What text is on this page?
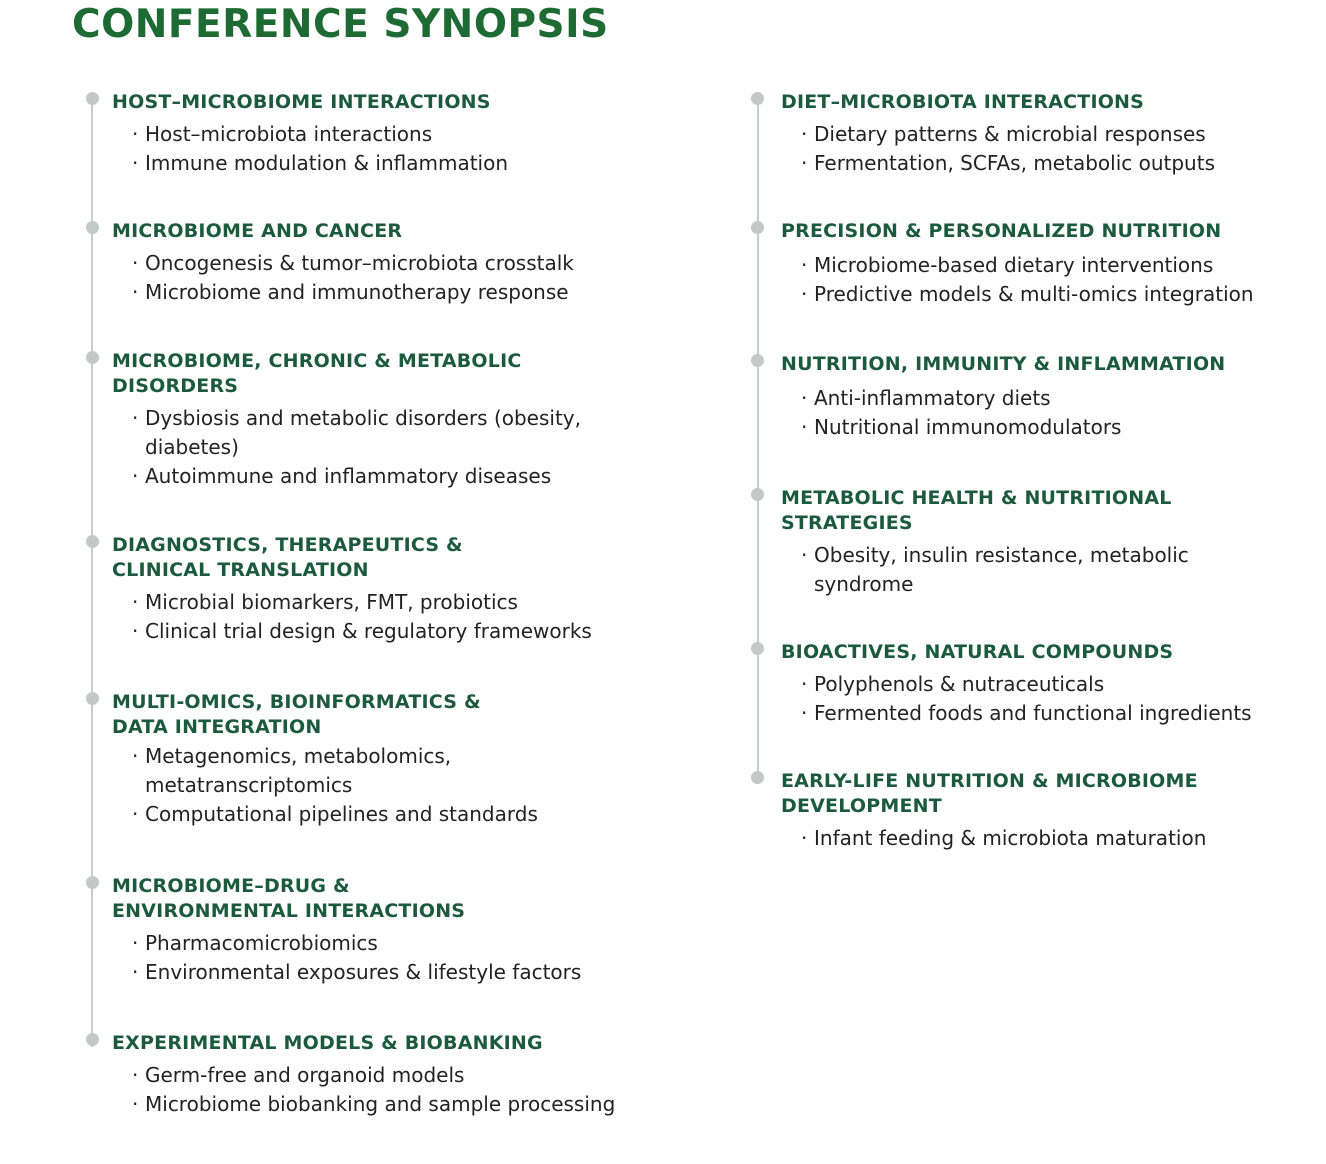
CONFERENCE SYNOPSIS
HOST–MICROBIOME INTERACTIONS
· Host–microbiota interactions
· Immune modulation & inflammation
MICROBIOME AND CANCER
· Oncogenesis & tumor–microbiota crosstalk
· Microbiome and immunotherapy response
MICROBIOME, CHRONIC & METABOLIC DISORDERS
· Dysbiosis and metabolic disorders (obesity, diabetes)
· Autoimmune and inflammatory diseases
DIAGNOSTICS, THERAPEUTICS & CLINICAL TRANSLATION
· Microbial biomarkers, FMT, probiotics
· Clinical trial design & regulatory frameworks
MULTI-OMICS, BIOINFORMATICS & DATA INTEGRATION
· Metagenomics, metabolomics, metatranscriptomics
· Computational pipelines and standards
MICROBIOME–DRUG & ENVIRONMENTAL INTERACTIONS
· Pharmacomicrobiomics
· Environmental exposures & lifestyle factors
EXPERIMENTAL MODELS & BIOBANKING
· Germ-free and organoid models
· Microbiome biobanking and sample processing
DIET–MICROBIOTA INTERACTIONS
· Dietary patterns & microbial responses
· Fermentation, SCFAs, metabolic outputs
PRECISION & PERSONALIZED NUTRITION
· Microbiome-based dietary interventions
· Predictive models & multi-omics integration
NUTRITION, IMMUNITY & INFLAMMATION
· Anti-inflammatory diets
· Nutritional immunomodulators
METABOLIC HEALTH & NUTRITIONAL STRATEGIES
· Obesity, insulin resistance, metabolic syndrome
BIOACTIVES, NATURAL COMPOUNDS
· Polyphenols & nutraceuticals
· Fermented foods and functional ingredients
EARLY-LIFE NUTRITION & MICROBIOME DEVELOPMENT
· Infant feeding & microbiota maturation
